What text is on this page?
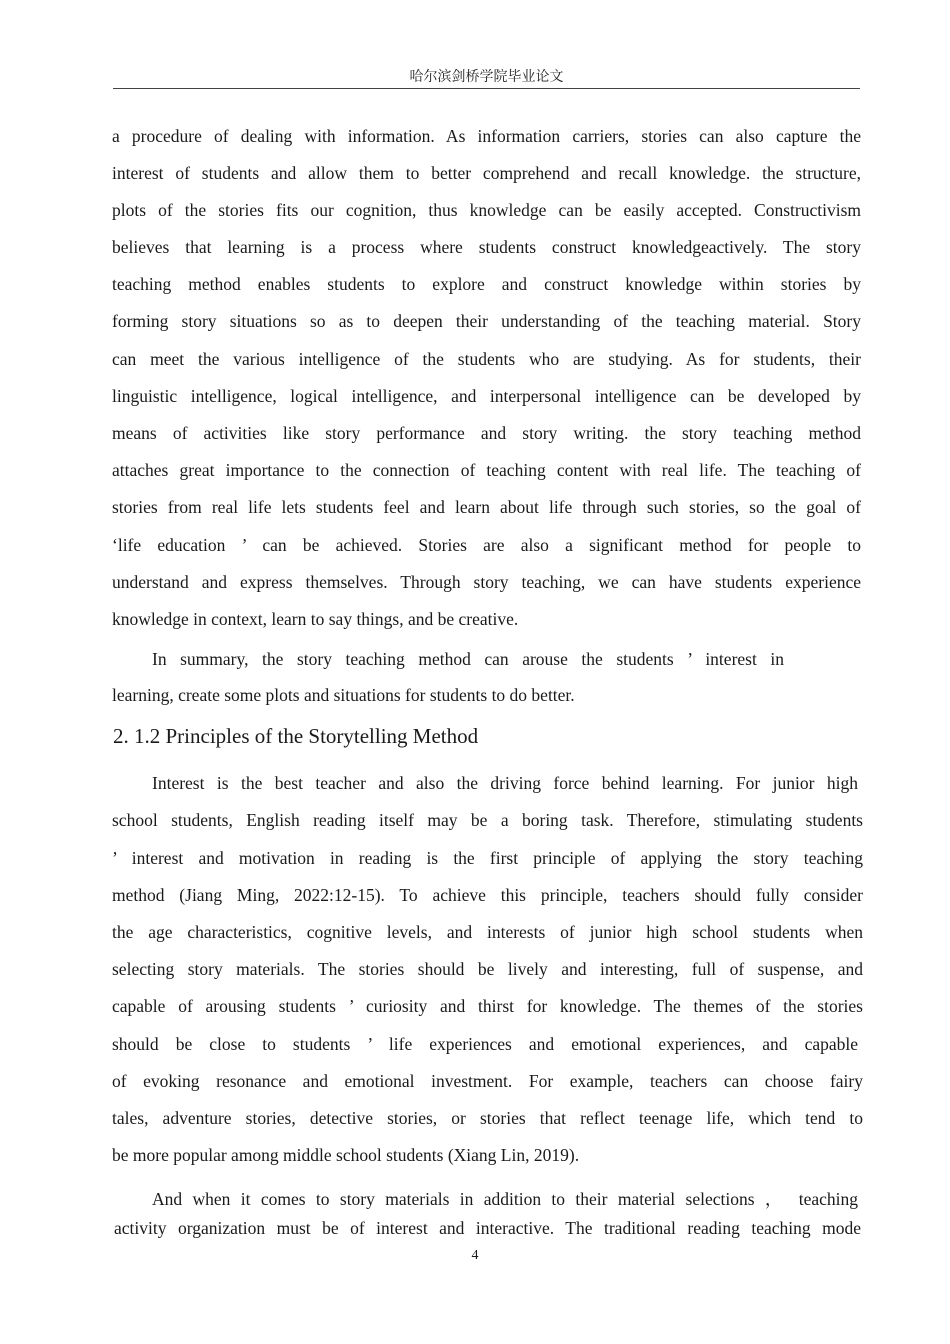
哈尔滨剑桥学院毕业论文
a procedure of dealing with information. As information carriers, stories can also capture the
interest of students and allow them to better comprehend and recall knowledge. the structure,
plots of the stories fits our cognition, thus knowledge can be easily accepted. Constructivism
believes that learning is a process where students construct knowledgeactively. The story
teaching method enables students to explore and construct knowledge within stories by
forming story situations so as to deepen their understanding of the teaching material. Story
can meet the various intelligence of the students who are studying. As for students, their
linguistic intelligence, logical intelligence, and interpersonal intelligence can be developed by
means of activities like story performance and story writing. the story teaching method
attaches great importance to the connection of teaching content with real life. The teaching of
stories from real life lets students feel and learn about life through such stories, so the goal of
‘life education ’ can be achieved. Stories are also a significant method for people to
understand and express themselves. Through story teaching, we can have students experience
knowledge in context, learn to say things, and be creative.
In summary, the story teaching method can arouse the students ’ interest in
learning, create some plots and situations for students to do better.
2. 1.2 Principles of the Storytelling Method
Interest is the best teacher and also the driving force behind learning. For junior high
school students, English reading itself may be a boring task. Therefore, stimulating students
’ interest and motivation in reading is the first principle of applying the story teaching
method (Jiang Ming, 2022:12-15). To achieve this principle, teachers should fully consider
the age characteristics, cognitive levels, and interests of junior high school students when
selecting story materials. The stories should be lively and interesting, full of suspense, and
capable of arousing students ’ curiosity and thirst for knowledge. The themes of the stories
should be close to students ’ life experiences and emotional experiences, and capable
of evoking resonance and emotional investment. For example, teachers can choose fairy
tales, adventure stories, detective stories, or stories that reflect teenage life, which tend to
be more popular among middle school students (Xiang Lin, 2019).
And when it comes to story materials in addition to their material selections ， teaching
activity organization must be of interest and interactive. The traditional reading teaching mode
4
